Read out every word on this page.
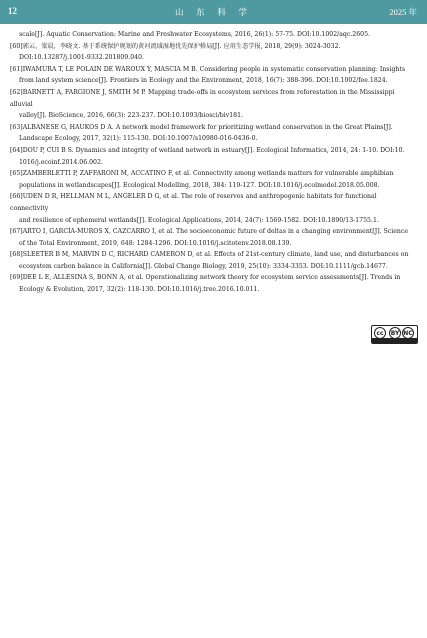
12	山 东 科 学	2025 年
scale[J]. Aquatic Conservation: Marine and Freshwater Ecosystems, 2016, 26(1): 57-75. DOI:10.1002/aqc.2605.
[60]郭云，梁晨，李晓文. 基于系统保护规划的黄河流域湿地优先保护格局[J]. 应用生态学报, 2018, 29(9): 3024-3032.
DOI:10.13287/j.1001-9332.201809.040.
[61]IWAMURA T, LE POLAIN DE WAROUX Y, MASCIA M B. Considering people in systematic conservation planning: Insights
from land system science[J]. Frontiers in Ecology and the Environment, 2018, 16(7): 388-396. DOI:10.1002/fee.1824.
[62]BARNETT A, FARGIONE J, SMITH M P. Mapping trade-offs in ecosystem services from reforestation in the Mississippi alluvial
valley[J]. BioScience, 2016, 66(3): 223-237. DOI:10.1093/biosci/biv181.
[63]ALBANESE G, HAUKOS D A. A network model framework for prioritizing wetland conservation in the Great Plains[J].
Landscape Ecology, 2017, 32(1): 115-130. DOI:10.1007/s10980-016-0436-0.
[64]DOU P, CUI B S. Dynamics and integrity of wetland network in estuary[J]. Ecological Informatics, 2014, 24: 1-10. DOI:10.
1016/j.ecoinf.2014.06.002.
[65]ZAMBERLETTI P, ZAFFARONI M, ACCATINO F, et al. Connectivity among wetlands matters for vulnerable amphibian
populations in wetlandscapes[J]. Ecological Modelling, 2018, 384: 119-127. DOI:10.1016/j.ecolmodel.2018.05.008.
[66]UDEN D R, HELLMAN M L, ANGELER D G, et al. The role of reserves and anthropogenic habitats for functional connectivity
and resilience of ephemeral wetlands[J]. Ecological Applications, 2014, 24(7): 1569-1582. DOI:10.1890/13-1755.1.
[67]ARTO I, GARCÍA-MUROS X, CAZCARRO I, et al. The socioeconomic future of deltas in a changing environment[J]. Science
of the Total Environment, 2019, 648: 1284-1296. DOI:10.1016/j.scitotenv.2018.08.139.
[68]SLEETER B M, MARVIN D C, RICHARD CAMERON D, et al. Effects of 21st-century climate, land use, and disturbances on
ecosystem carbon balance in California[J]. Global Change Biology, 2019, 25(10): 3334-3353. DOI:10.1111/gcb.14677.
[69]DEE L E, ALLESINA S, BONN A, et al. Operationalizing network theory for ecosystem service assessments[J]. Trends in
Ecology & Evolution, 2017, 32(2): 118-130. DOI:10.1016/j.tree.2016.10.011.
cc	BY NC
